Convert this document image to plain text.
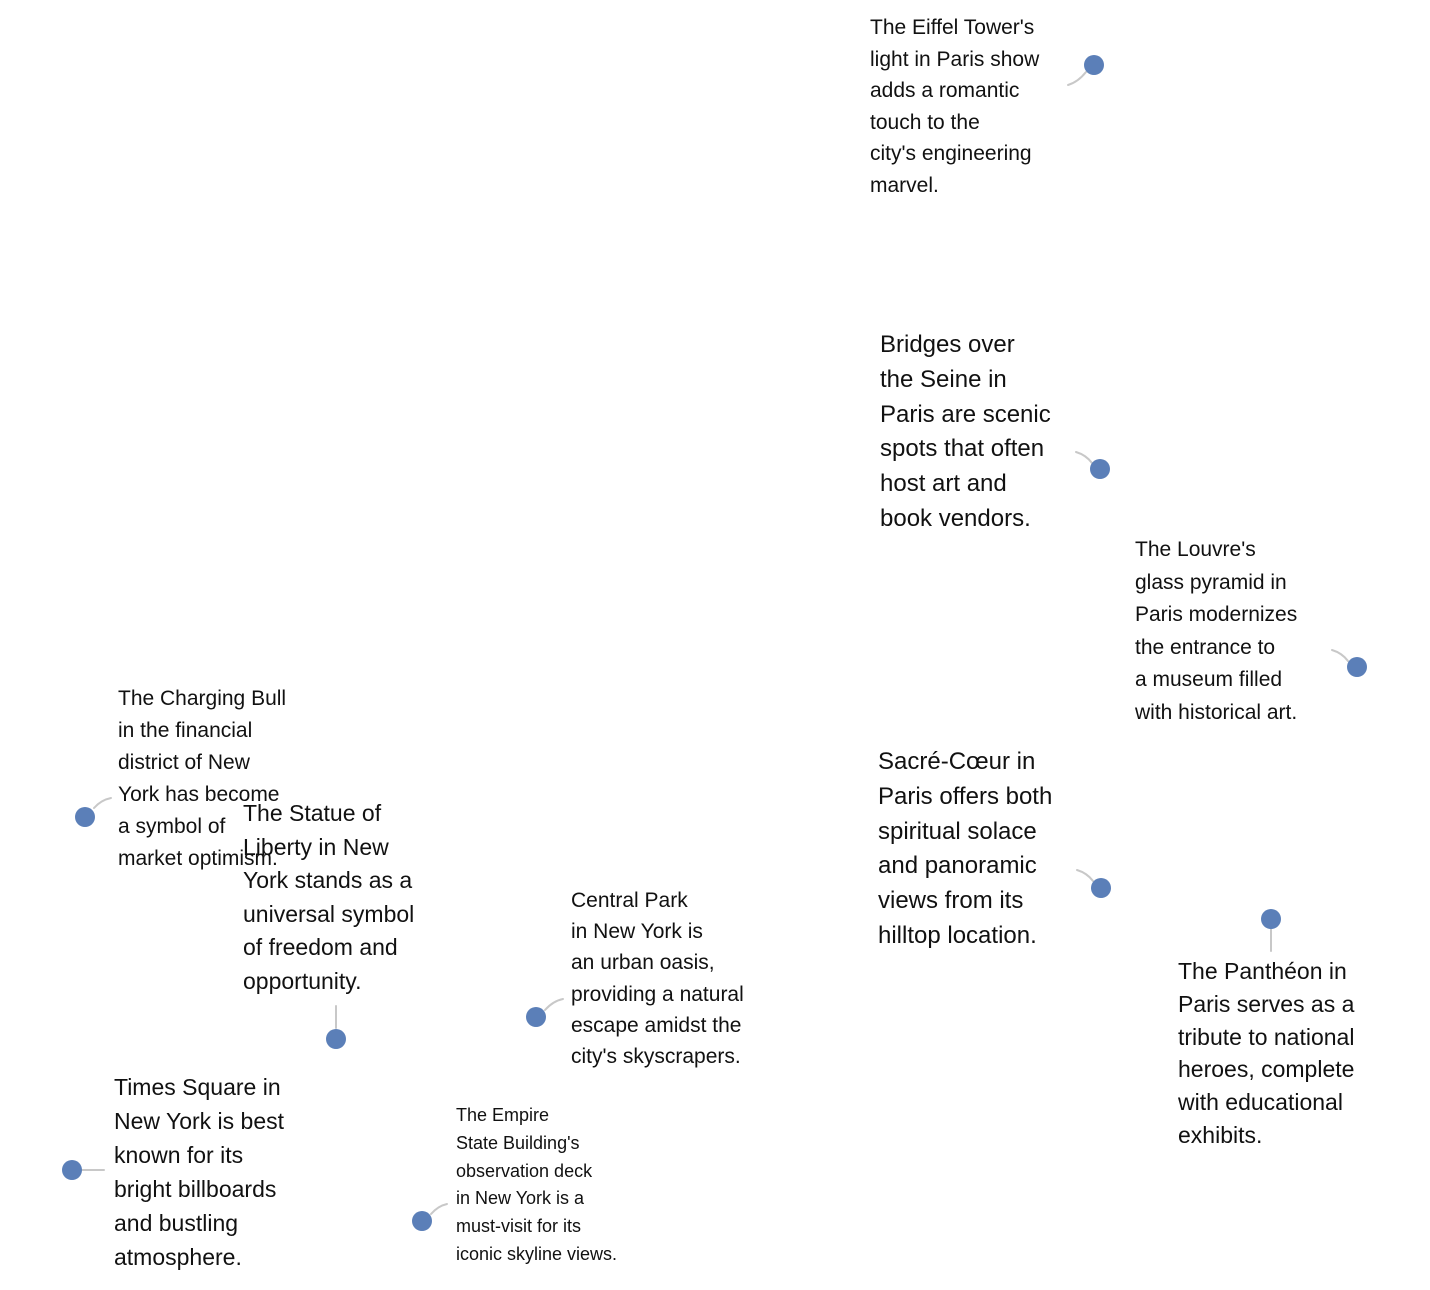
The Eiffel Tower's
light in Paris show
adds a romantic
touch to the
city's engineering
marvel.

Bridges over
the Seine in
Paris are scenic
spots that often
host art and
book vendors.

The Louvre's
glass pyramid in
Paris modernizes
the entrance to
a museum filled
with historical art.

Sacré-Cœur in
Paris offers both
spiritual solace
and panoramic
views from its
hilltop location.

The Panthéon in
Paris serves as a
tribute to national
heroes, complete
with educational
exhibits.

The Charging Bull
in the financial
district of New
York has become
a symbol of
market optimism.

The Statue of
Liberty in New
York stands as a
universal symbol
of freedom and
opportunity.

Central Park
in New York is
an urban oasis,
providing a natural
escape amidst the
city's skyscrapers.

Times Square in
New York is best
known for its
bright billboards
and bustling
atmosphere.

The Empire
State Building's
observation deck
in New York is a
must-visit for its
iconic skyline views.
